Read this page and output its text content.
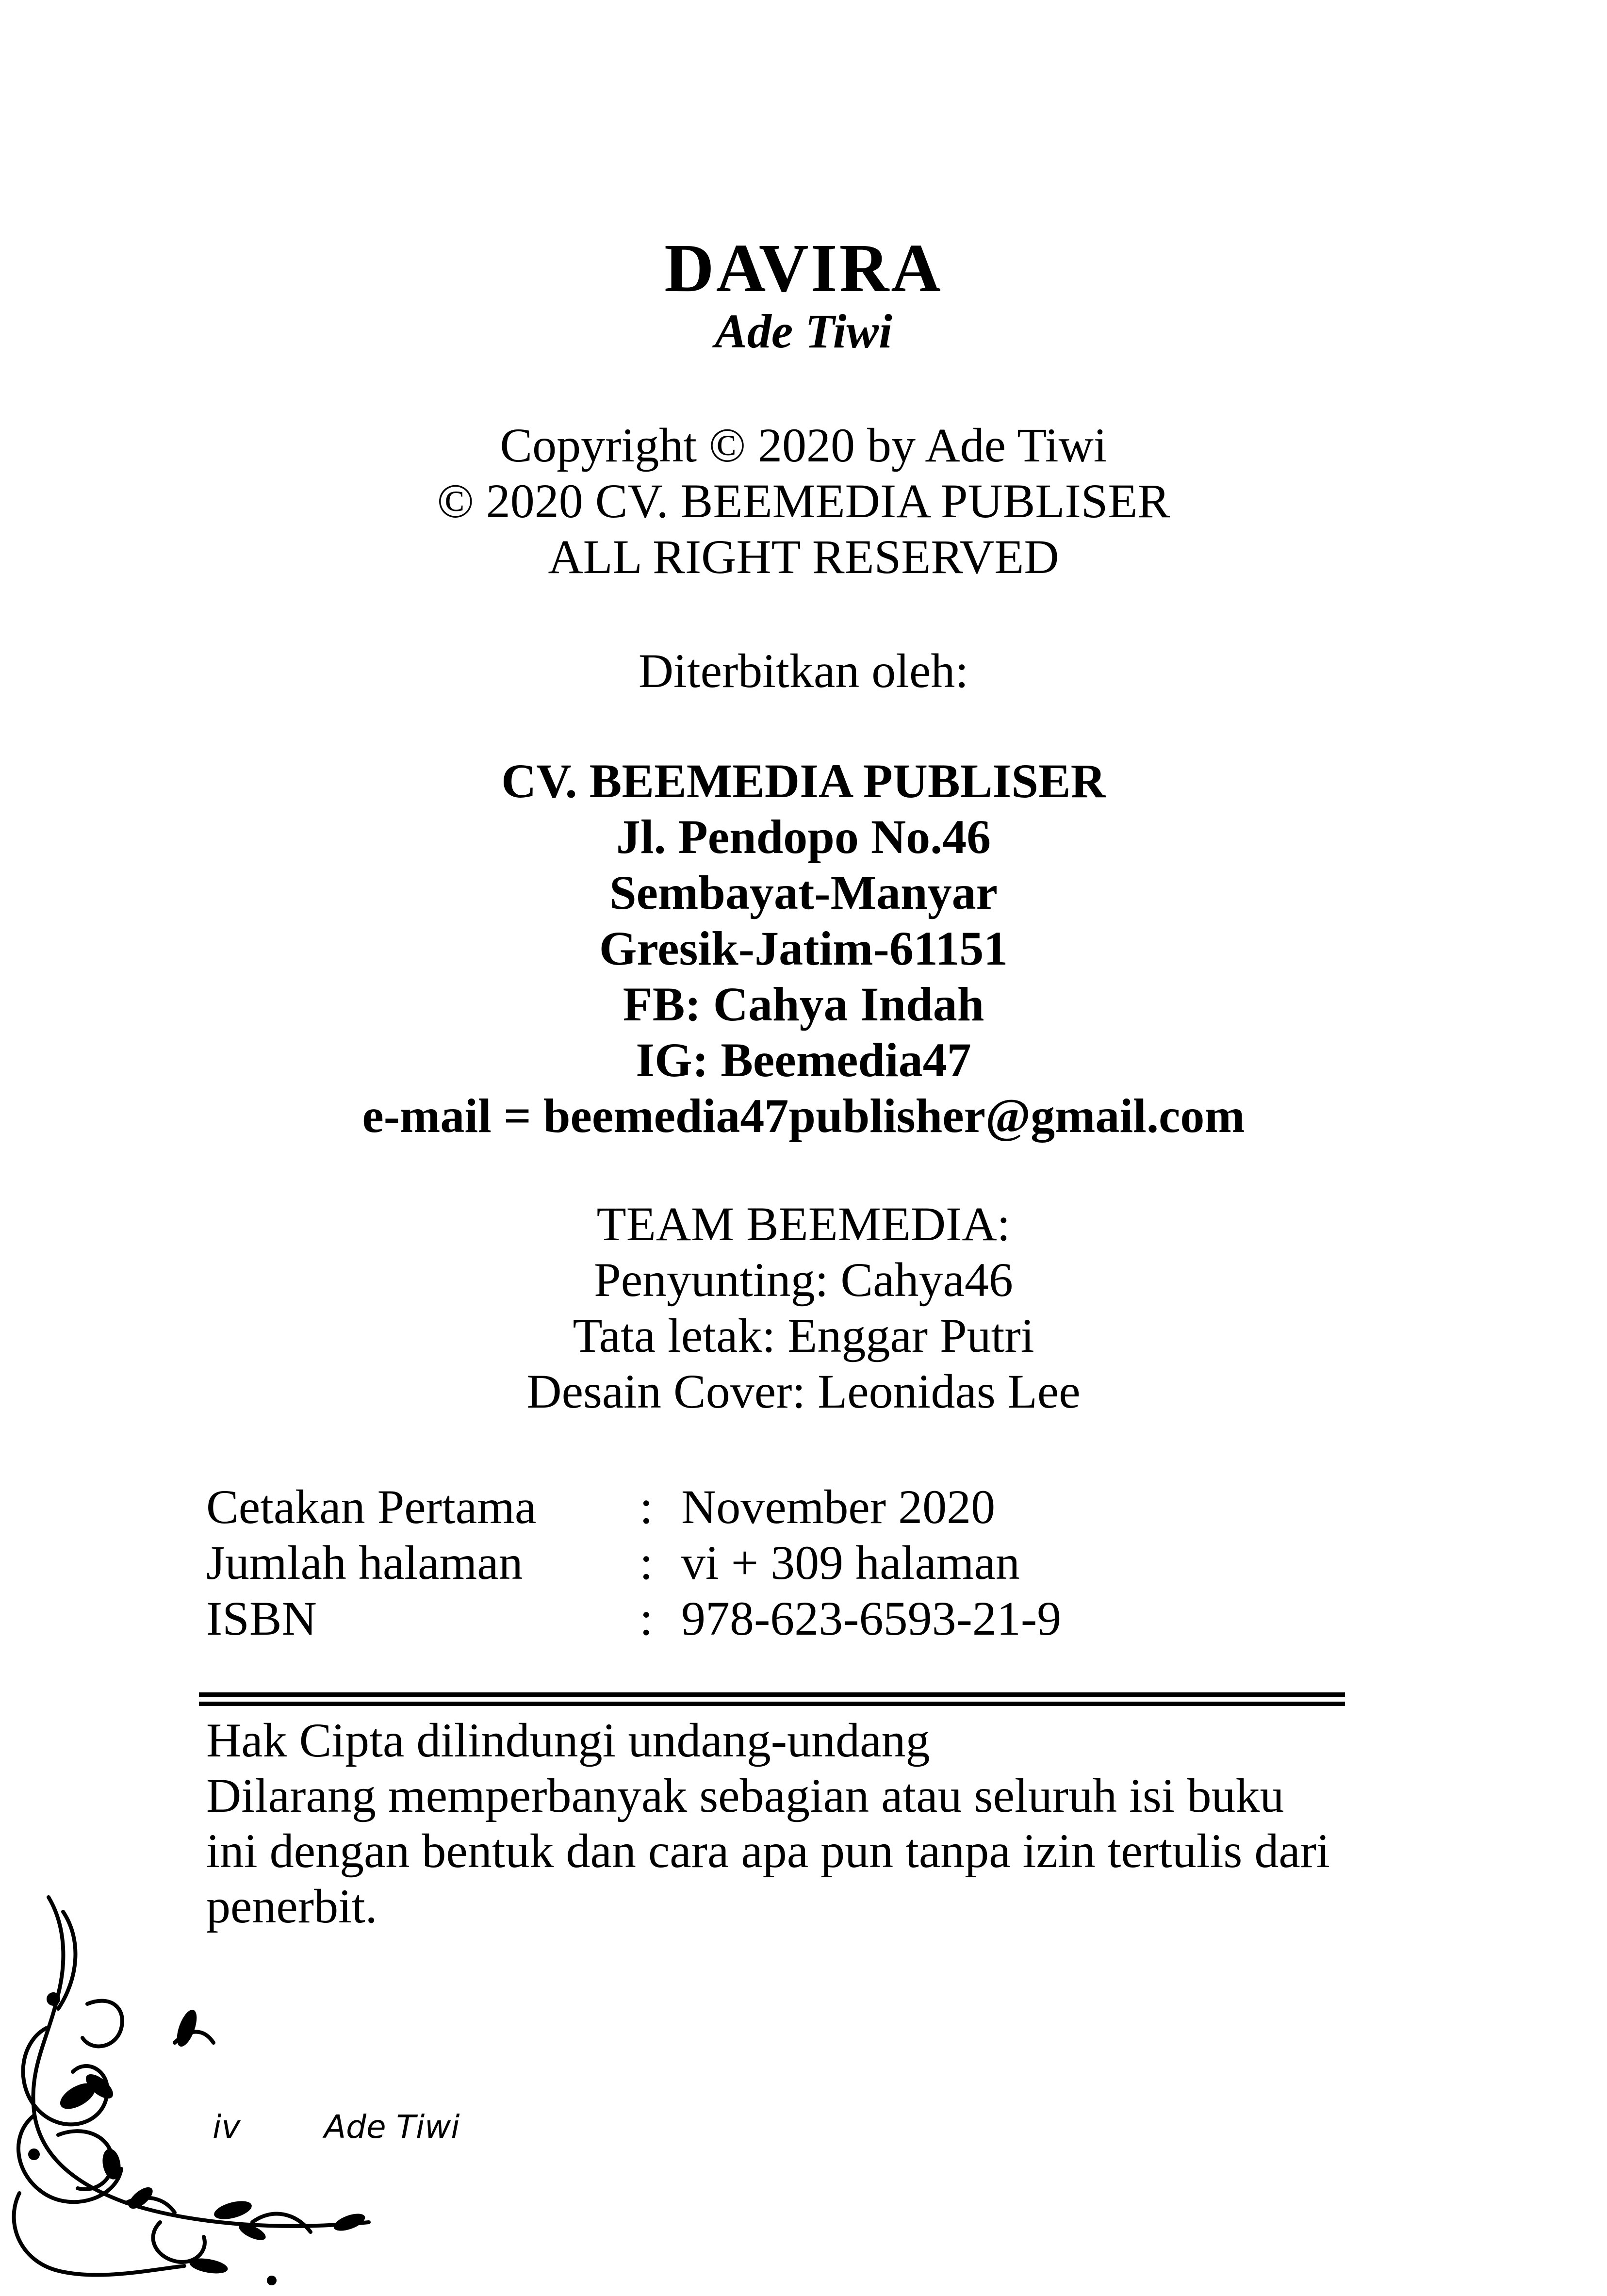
DAVIRA
Ade Tiwi
Copyright © 2020 by Ade Tiwi
© 2020 CV. BEEMEDIA PUBLISER
ALL RIGHT RESERVED
Diterbitkan oleh:
CV. BEEMEDIA PUBLISER
Jl. Pendopo No.46
Sembayat-Manyar
Gresik-Jatim-61151
FB: Cahya Indah
IG: Beemedia47
e-mail = beemedia47publisher@gmail.com
TEAM BEEMEDIA:
Penyunting: Cahya46
Tata letak: Enggar Putri
Desain Cover: Leonidas Lee
Cetakan Pertama : November 2020
Jumlah halaman : vi + 309 halaman
ISBN	: 978-623-6593-21-9
Hak Cipta dilindungi undang-undang
Dilarang memperbanyak sebagian atau seluruh isi buku
ini dengan bentuk dan cara apa pun tanpa izin tertulis dari
penerbit.
iv	Ade Tiwi
